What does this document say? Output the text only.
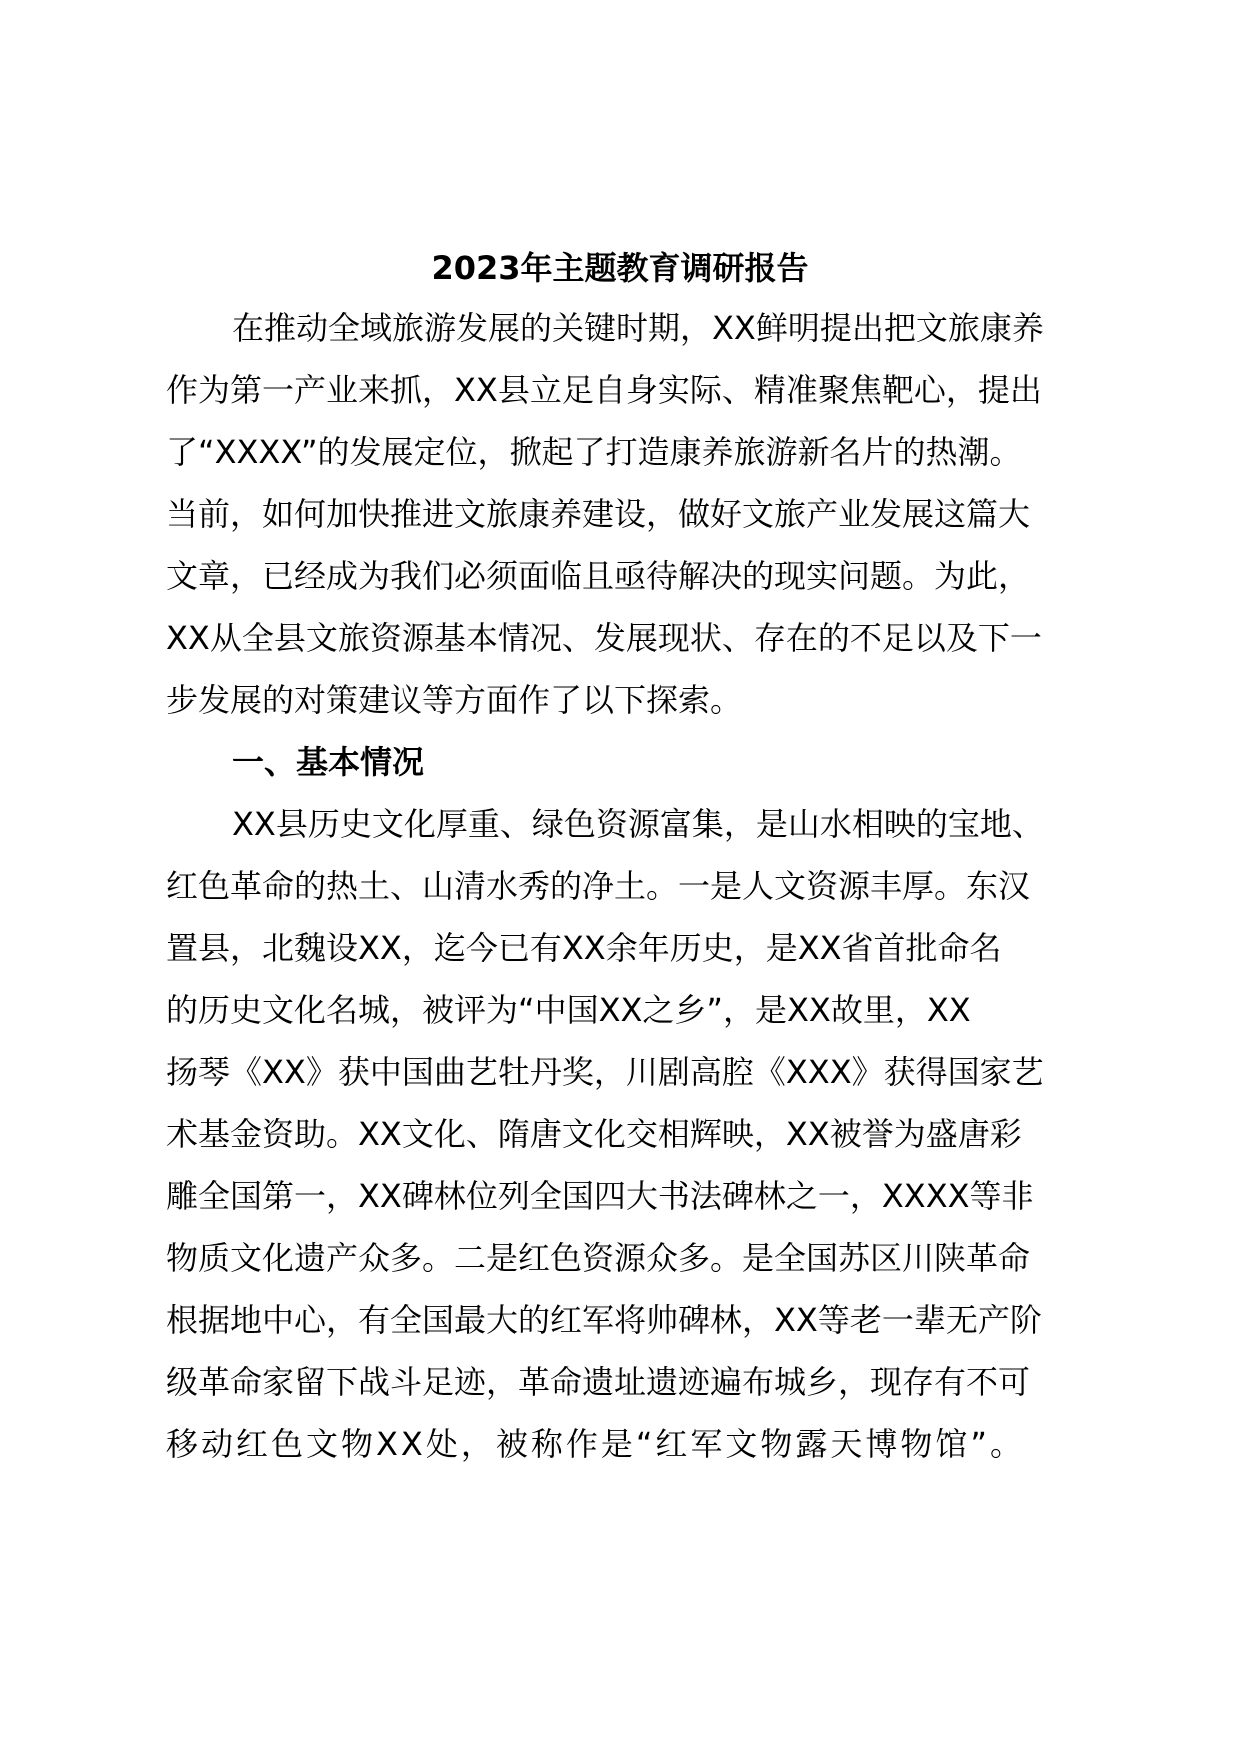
2023年主题教育调研报告

在推动全域旅游发展的关键时期，XX鲜明提出把文旅康养

作为第一产业来抓，XX县立足自身实际、精准聚焦靶心，提出

了“XXXX”的发展定位，掀起了打造康养旅游新名片的热潮。

当前，如何加快推进文旅康养建设，做好文旅产业发展这篇大

文章，已经成为我们必须面临且亟待解决的现实问题。为此，

XX从全县文旅资源基本情况、发展现状、存在的不足以及下一

步发展的对策建议等方面作了以下探索。

一、基本情况

XX县历史文化厚重、绿色资源富集，是山水相映的宝地、

红色革命的热土、山清水秀的净土。一是人文资源丰厚。东汉

置县，北魏设XX，迄今已有XX余年历史，是XX省首批命名

的历史文化名城，被评为“中国XX之乡”，是XX故里，XX

扬琴《XX》获中国曲艺牡丹奖，川剧高腔《XXX》获得国家艺

术基金资助。XX文化、隋唐文化交相辉映，XX被誉为盛唐彩

雕全国第一，XX碑林位列全国四大书法碑林之一，XXXX等非

物质文化遗产众多。二是红色资源众多。是全国苏区川陕革命

根据地中心，有全国最大的红军将帅碑林，XX等老一辈无产阶

级革命家留下战斗足迹，革命遗址遗迹遍布城乡，现存有不可

移动红色文物XX处，被称作是“红军文物露天博物馆”。
